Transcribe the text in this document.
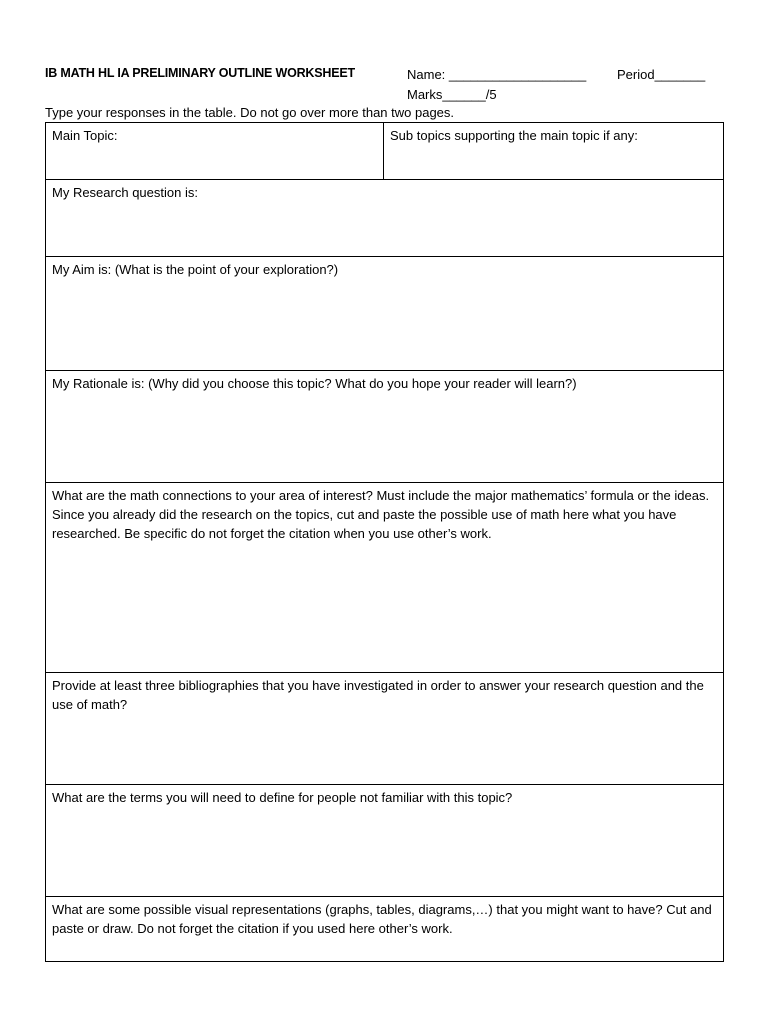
IB MATH HL IA PRELIMINARY OUTLINE WORKSHEET	Name: ___________________ Period_______
Marks______/5
Type your responses in the table. Do not go over more than two pages.
Main Topic:	Sub topics supporting the main topic if any:
My Research question is:
My Aim is: (What is the point of your exploration?)
My Rationale is: (Why did you choose this topic? What do you hope your reader will learn?)
What are the math connections to your area of interest? Must include the major mathematics’ formula or the ideas. Since you already did the research on the topics, cut and paste the possible use of math here what you have researched. Be specific do not forget the citation when you use other’s work.
Provide at least three bibliographies that you have investigated in order to answer your research question and the use of math?
What are the terms you will need to define for people not familiar with this topic?
What are some possible visual representations (graphs, tables, diagrams,…) that you might want to have? Cut and paste or draw. Do not forget the citation if you used here other’s work.
